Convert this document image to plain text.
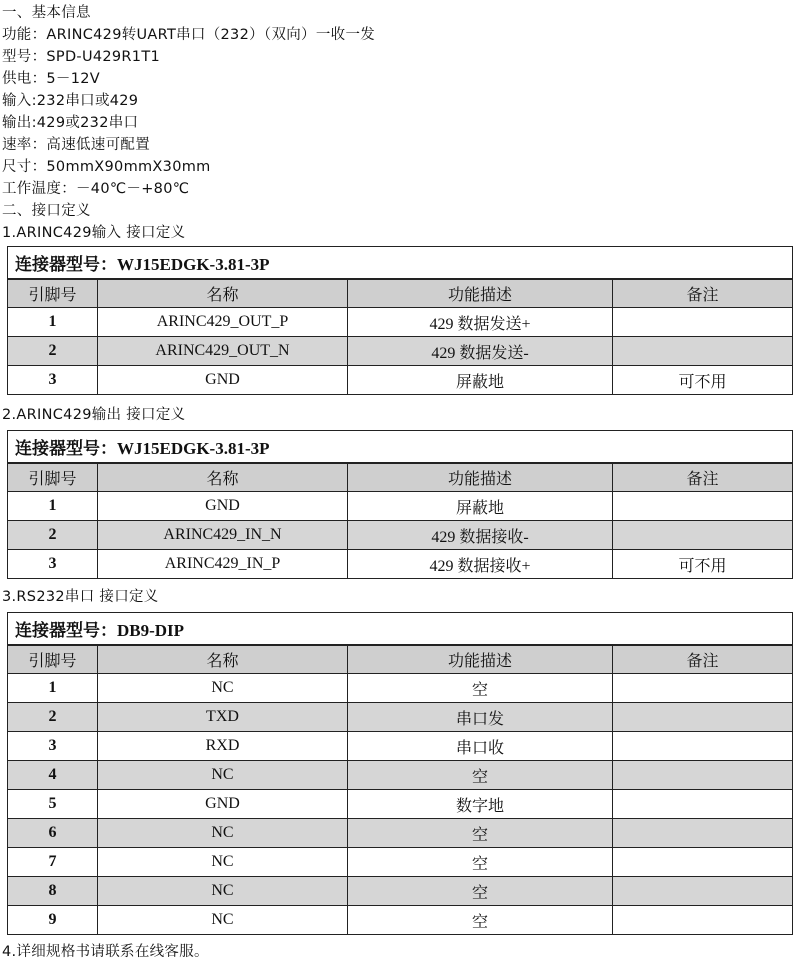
一、基本信息
功能：ARINC429转UART串口（232）（双向）一收一发
型号：SPD-U429R1T1
供电：5－12V
输入:232串口或429
输出:429或232串口
速率：高速低速可配置
尺寸：50mmX90mmX30mm
工作温度：－40℃－+80℃
二、接口定义
1.ARINC429输入 接口定义
连接器型号：WJ15EDGK-3.81-3P			
引脚号	名称	功能描述	备注
1	ARINC429_OUT_P	429 数据发送+	
2	ARINC429_OUT_N	429 数据发送-	
3	GND	屏蔽地	可不用
2.ARINC429输出 接口定义
连接器型号：WJ15EDGK-3.81-3P			
引脚号	名称	功能描述	备注
1	GND	屏蔽地	
2	ARINC429_IN_N	429 数据接收-	
3	ARINC429_IN_P	429 数据接收+	可不用
3.RS232串口 接口定义
连接器型号：DB9-DIP			
引脚号	名称	功能描述	备注
1	NC	空	
2	TXD	串口发	
3	RXD	串口收	
4	NC	空	
5	GND	数字地	
6	NC	空	
7	NC	空	
8	NC	空	
9	NC	空	
4.详细规格书请联系在线客服。
